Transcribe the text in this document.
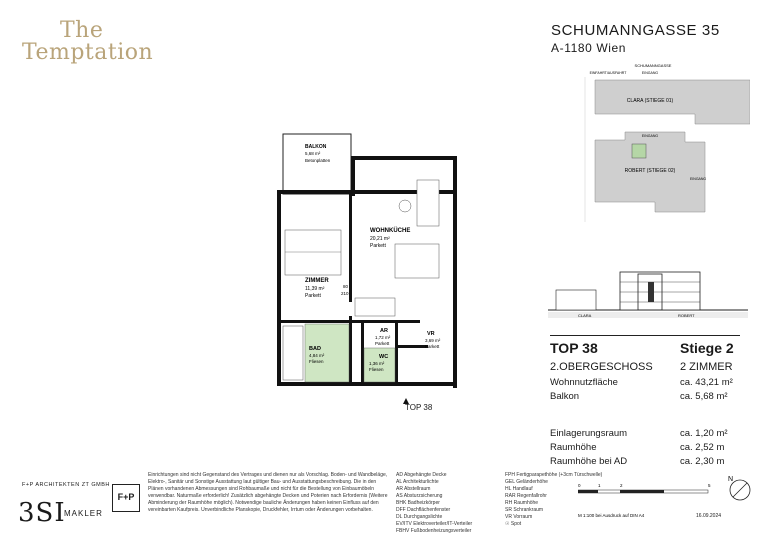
The
Temptation
SCHUMANNGASSE 35
A-1180 Wien
SCHUMANNGASSE
EINFAHRT/AUSFAHRT	EINGANG
CLARA (STIEGE 01)
EINGANG
ROBERT (STIEGE 02)
EINGANG
CLARA	ROBERT
TOP 38	Stiege 2
2.OBERGESCHOSS 2 ZIMMER
Wohnnutzfläche	ca. 43,21 m²
Balkon	ca. 5,68 m²
Einlagerungsraum	ca. 1,20 m²
Raumhöhe	ca. 2,52 m
Raumhöhe bei AD	ca. 2,30 m
BALKON
5,68 m²
Betonplatten
WOHNKÜCHE
20,21 m²
Parkett
ZIMMER
11,39 m²
Parkett
AR
1,72 m²
Parkett
VR
3,69 m²
Parkett
BAD
4,84 m²
Fliesen
WC
1,36 m²
Fliesen
80
210
TOP 38
F+P ARCHITEKTEN ZT GMBH
F+P
3SI
MAKLER
Einrichtungen sind nicht Gegenstand des Vertrages und dienen nur als Vorschlag. Boden- und Wandbeläge, Elektro-, Sanitär und Sonstige Ausstattung laut gültiger Bau- und Ausstattungsbeschreibung. Die in den Plänen vorhandenen Abmessungen sind Rohbaumaße und nicht für die Bestellung von Einbaumöbeln verwendbar. Naturmaße erforderlich! Zusätzlich abgehängte Decken und Poterien nach Erfordernis (Weitere Abminderung der Raumhöhe möglich). Notwendige bauliche Änderungen haben keinen Einfluss auf den vereinbarten Kaufpreis. Unverbindliche Planskopie, Druckfehler, Irrtum oder Änderungen vorbehalten.
AD Abgehängte Decke
AL Architekturlichte
AR Abstellraum
AS Absturzsicherung
BHK Badheizkörper
DFF Dachflächenfenster
DL Durchgangslichte
EV/ITV Elektroverteiler/IT-Verteiler
FBHV Fußbodenheizungsverteiler
FPH Fertigparapethöhe (+3cm Türschwelle)
GEL Geländerhöhe
HL Handlauf
RAR Regenfallrohr
RH Raumhöhe
SR Schrankraum
VR Vorraum
☉ Spot
0	1	2	5
M 1:100 bei Ausdruck auf DIN A4	16.09.2024
N
